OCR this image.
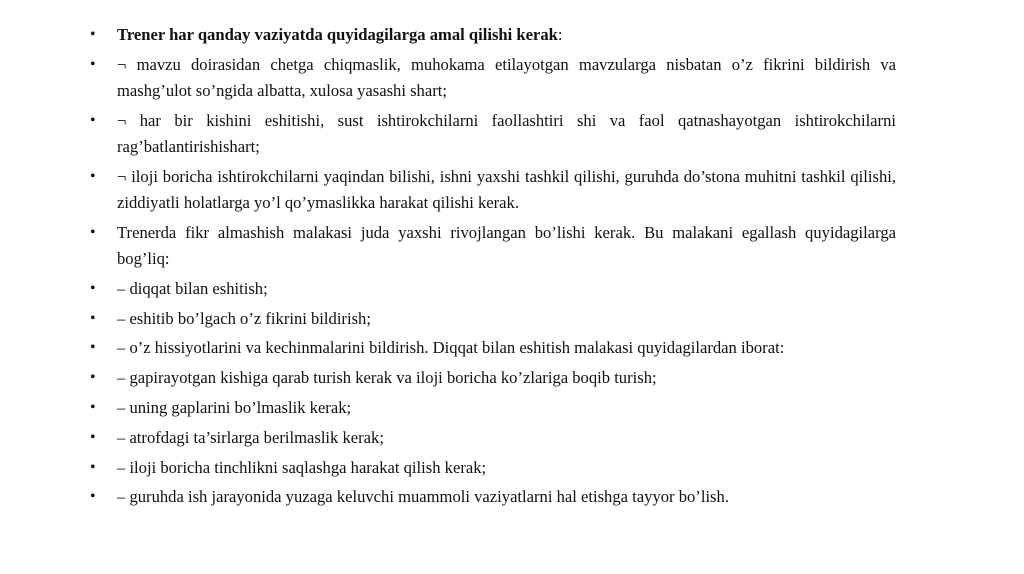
•	Trener har qanday vaziyatda quyidagilarga amal qilishi kerak:
•	¬ mavzu doirasidan chetga chiqmaslik, muhokama etilayotgan mavzularga nisbatan o’z fikrini bildirish va mashg’ulot so’ngida albatta, xulosa yasashi shart;
•	¬ har bir kishini eshitishi, sust ishtirokchilarni faollashtiri shi va faol qatnashayotgan ishtirokchilarni rag’batlantirishishart;
•	¬ iloji boricha ishtirokchilarni yaqindan bilishi, ishni yaxshi tashkil qilishi, guruhda do’stona muhitni tashkil qilishi, ziddiyatli holatlarga yo’l qo’ymaslikka harakat qilishi kerak.
•	Trenerda fikr almashish malakasi juda yaxshi rivojlangan bo’lishi kerak. Bu malakani egallash quyidagilarga bog’liq:
•	– diqqat bilan eshitish;
•	– eshitib bo’lgach o’z fikrini bildirish;
•	– o’z hissiyotlarini va kechinmalarini bildirish. Diqqat bilan eshitish malakasi quyidagilardan iborat:
•	– gapirayotgan kishiga qarab turish kerak va iloji boricha ko’zlariga boqib turish;
•	– uning gaplarini bo’lmaslik kerak;
•	– atrofdagi ta’sirlarga berilmaslik kerak;
•	– iloji boricha tinchlikni saqlashga harakat qilish kerak;
•	– guruhda ish jarayonida yuzaga keluvchi muammoli vaziyatlarni hal etishga tayyor bo’lish.
